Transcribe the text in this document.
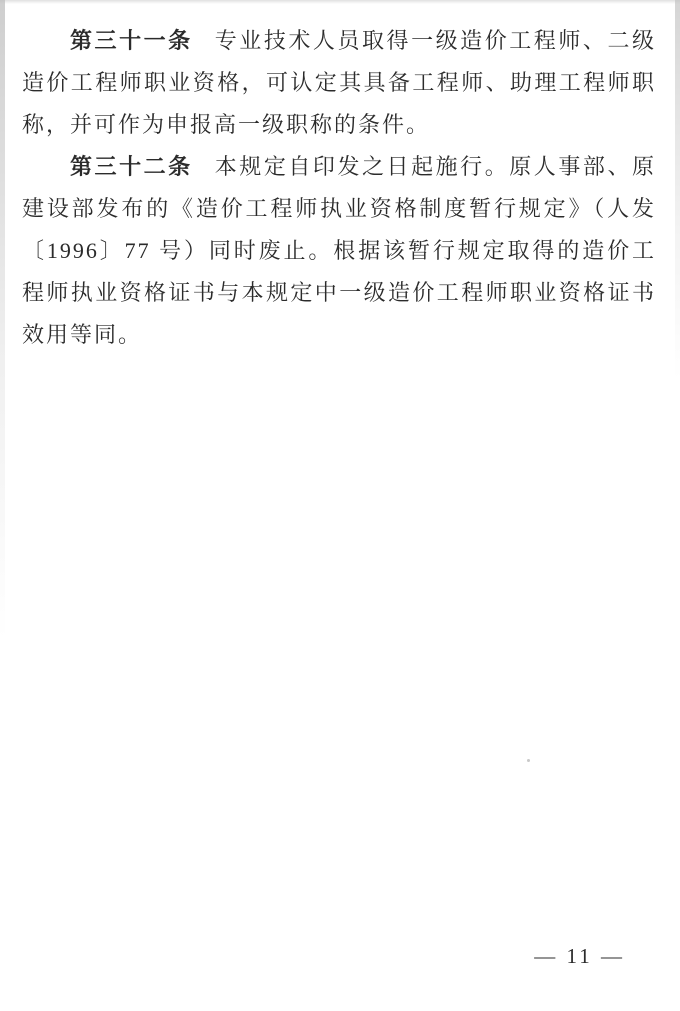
第三十一条 专业技术人员取得一级造价工程师、二级造价工程师职业资格，可认定其具备工程师、助理工程师职称，并可作为申报高一级职称的条件。

第三十二条 本规定自印发之日起施行。原人事部、原建设部发布的《造价工程师执业资格制度暂行规定》（人发〔1996〕77 号）同时废止。根据该暂行规定取得的造价工程师执业资格证书与本规定中一级造价工程师职业资格证书效用等同。

— 11 —
